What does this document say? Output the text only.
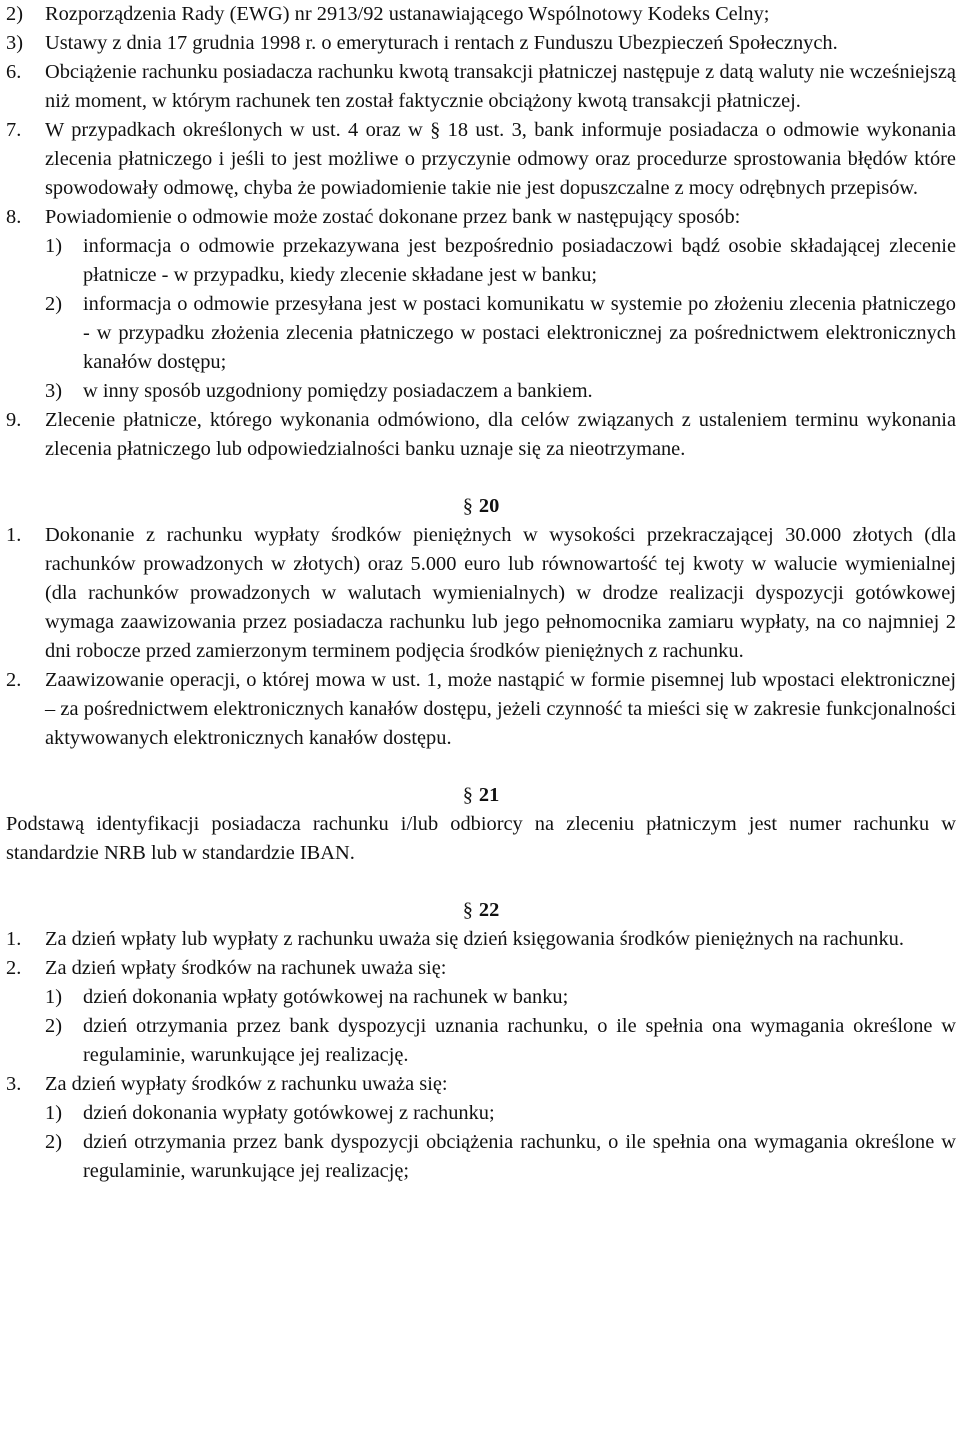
2)	Rozporządzenia Rady (EWG) nr 2913/92 ustanawiającego Wspólnotowy Kodeks Celny;
3)	Ustawy z dnia 17 grudnia 1998 r. o emeryturach i rentach z Funduszu Ubezpieczeń Społecznych.
6.	Obciążenie rachunku posiadacza rachunku kwotą transakcji płatniczej następuje z datą waluty nie wcześniejszą niż moment, w którym rachunek ten został faktycznie obciążony kwotą transakcji płatniczej.
7.	W przypadkach określonych w ust. 4 oraz w § 18 ust. 3, bank informuje posiadacza o odmowie wykonania zlecenia płatniczego i jeśli to jest możliwe o przyczynie odmowy oraz procedurze sprostowania błędów które spowodowały odmowę, chyba że powiadomienie takie nie jest dopuszczalne z mocy odrębnych przepisów.
8.	Powiadomienie o odmowie może zostać dokonane przez bank w następujący sposób:
1)	informacja o odmowie przekazywana jest bezpośrednio posiadaczowi bądź osobie składającej zlecenie płatnicze - w przypadku, kiedy zlecenie składane jest w banku;
2)	informacja o odmowie przesyłana jest w postaci komunikatu w systemie po złożeniu zlecenia płatniczego - w przypadku złożenia zlecenia płatniczego w postaci elektronicznej za pośrednictwem elektronicznych kanałów dostępu;
3)	w inny sposób uzgodniony pomiędzy posiadaczem a bankiem.
9.	Zlecenie płatnicze, którego wykonania odmówiono, dla celów związanych z ustaleniem terminu wykonania zlecenia płatniczego lub odpowiedzialności banku uznaje się za nieotrzymane.
§ 20
1.	Dokonanie z rachunku wypłaty środków pieniężnych w wysokości przekraczającej 30.000 złotych (dla rachunków prowadzonych w złotych) oraz 5.000 euro lub równowartość tej kwoty w walucie wymienialnej (dla rachunków prowadzonych w walutach wymienialnych) w drodze realizacji dyspozycji gotówkowej wymaga zaawizowania przez posiadacza rachunku lub jego pełnomocnika zamiaru wypłaty, na co najmniej 2 dni robocze przed zamierzonym terminem podjęcia środków pieniężnych z rachunku.
2.	Zaawizowanie operacji, o której mowa w ust. 1, może nastąpić w formie pisemnej lub wpostaci elektronicznej – za pośrednictwem elektronicznych kanałów dostępu, jeżeli czynność ta mieści się w zakresie funkcjonalności aktywowanych elektronicznych kanałów dostępu.
§ 21
Podstawą identyfikacji posiadacza rachunku i/lub odbiorcy na zleceniu płatniczym jest numer rachunku w standardzie NRB lub w standardzie IBAN.
§ 22
1.	Za dzień wpłaty lub wypłaty z rachunku uważa się dzień księgowania środków pieniężnych na rachunku.
2.	Za dzień wpłaty środków na rachunek uważa się:
1)	dzień dokonania wpłaty gotówkowej na rachunek w banku;
2)	dzień otrzymania przez bank dyspozycji uznania rachunku, o ile spełnia ona wymagania określone w regulaminie, warunkujące jej realizację.
3.	Za dzień wypłaty środków z rachunku uważa się:
1)	dzień dokonania wypłaty gotówkowej z rachunku;
2)	dzień otrzymania przez bank dyspozycji obciążenia rachunku, o ile spełnia ona wymagania określone w regulaminie, warunkujące jej realizację;
